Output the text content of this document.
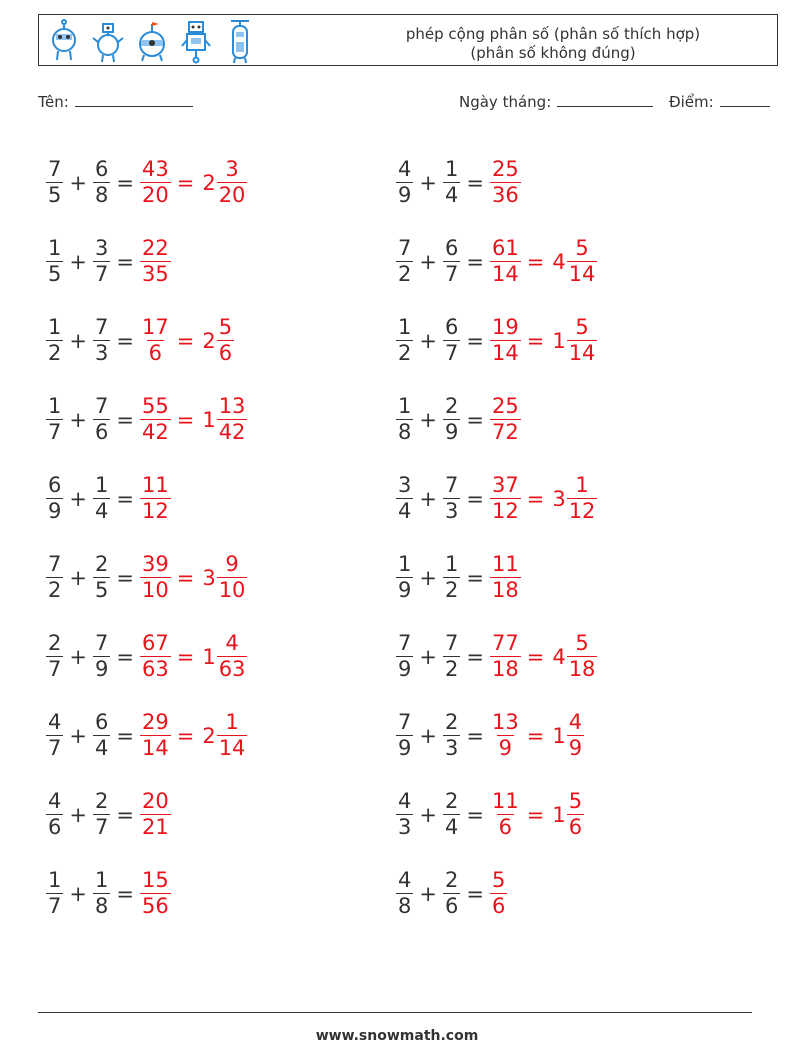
phép cộng phân số (phân số thích hợp)
(phân số không đúng)
Tên:	Ngày tháng:	Điểm:
$\frac{7}{5} + \frac{6}{8} = \frac{43}{20} = 2 \frac{3}{20}$
$\frac{1}{5} + \frac{3}{7} = \frac{22}{35}$
$\frac{1}{2} + \frac{7}{3} = \frac{17}{6} = 2 \frac{5}{6}$
$\frac{1}{7} + \frac{7}{6} = \frac{55}{42} = 1 \frac{13}{42}$
$\frac{6}{9} + \frac{1}{4} = \frac{11}{12}$
$\frac{7}{2} + \frac{2}{5} = \frac{39}{10} = 3 \frac{9}{10}$
$\frac{2}{7} + \frac{7}{9} = \frac{67}{63} = 1 \frac{4}{63}$
$\frac{4}{7} + \frac{6}{4} = \frac{29}{14} = 2 \frac{1}{14}$
$\frac{4}{6} + \frac{2}{7} = \frac{20}{21}$
$\frac{1}{7} + \frac{1}{8} = \frac{15}{56}$
$\frac{4}{9} + \frac{1}{4} = \frac{25}{36}$
$\frac{7}{2} + \frac{6}{7} = \frac{61}{14} = 4 \frac{5}{14}$
$\frac{1}{2} + \frac{6}{7} = \frac{19}{14} = 1 \frac{5}{14}$
$\frac{1}{8} + \frac{2}{9} = \frac{25}{72}$
$\frac{3}{4} + \frac{7}{3} = \frac{37}{12} = 3 \frac{1}{12}$
$\frac{1}{9} + \frac{1}{2} = \frac{11}{18}$
$\frac{7}{9} + \frac{7}{2} = \frac{77}{18} = 4 \frac{5}{18}$
$\frac{7}{9} + \frac{2}{3} = \frac{13}{9} = 1 \frac{4}{9}$
$\frac{4}{3} + \frac{2}{4} = \frac{11}{6} = 1 \frac{5}{6}$
$\frac{4}{8} + \frac{2}{6} = \frac{5}{6}$
www.snowmath.com
